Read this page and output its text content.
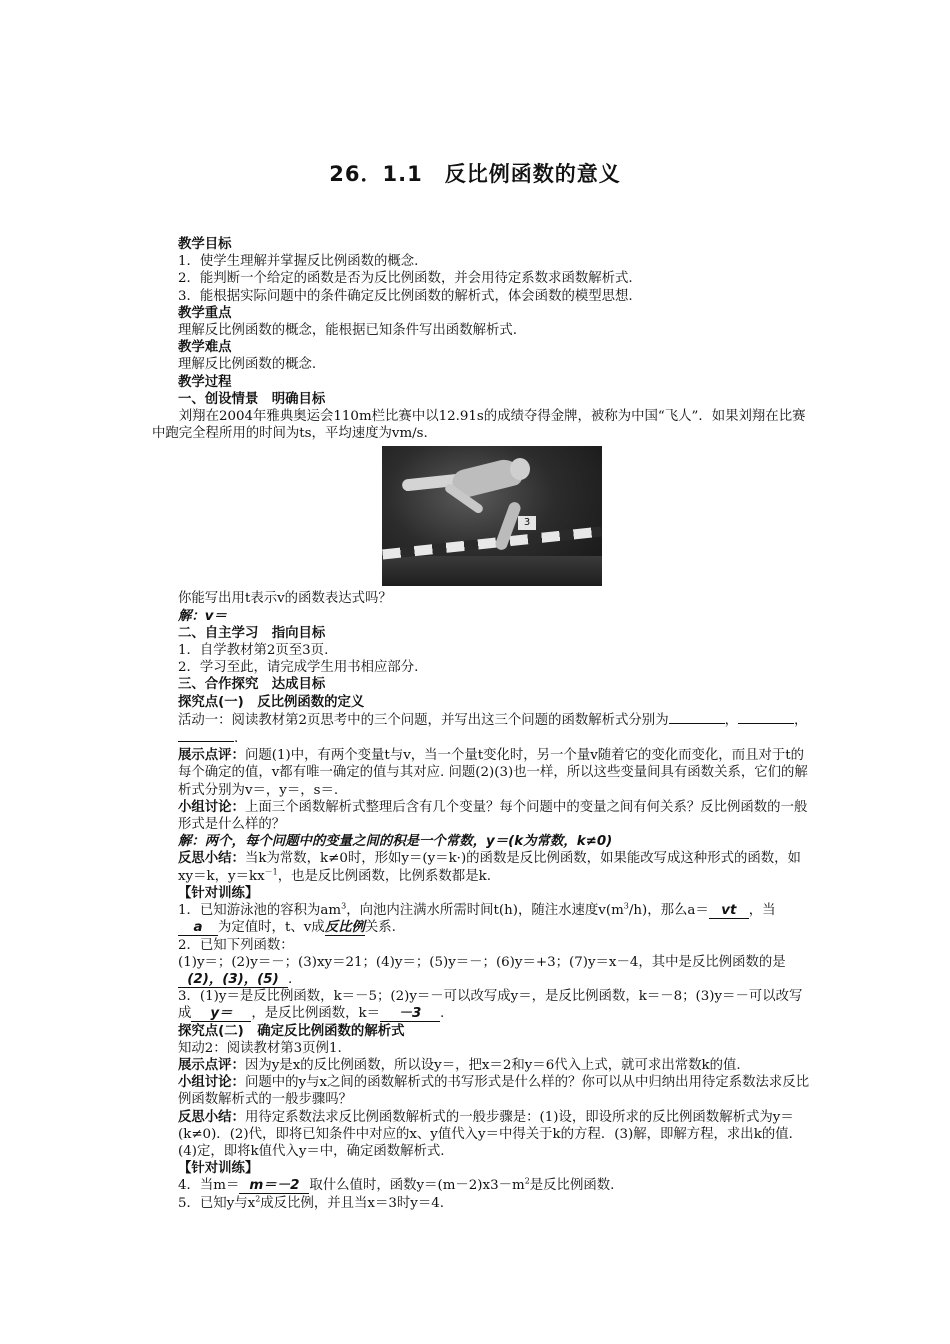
26．1.1　反比例函数的意义

教学目标

1．使学生理解并掌握反比例函数的概念.

2．能判断一个给定的函数是否为反比例函数，并会用待定系数求函数解析式.

3．能根据实际问题中的条件确定反比例函数的解析式，体会函数的模型思想.

教学重点

理解反比例函数的概念，能根据已知条件写出函数解析式.

教学难点

理解反比例函数的概念.

教学过程

一、创设情景　明确目标

刘翔在2004年雅典奥运会110m栏比赛中以12.91s的成绩夺得金牌，被称为中国“飞人”．如果刘翔在比赛中跑完全程所用的时间为ts，平均速度为vm/s.

3

你能写出用t表示v的函数表达式吗？

解：v＝

二、自主学习　指向目标

1．自学教材第2页至3页.

2．学习至此，请完成学生用书相应部分.

三、合作探究　达成目标

探究点(一)　反比例函数的定义

活动一：阅读教材第2页思考中的三个问题，并写出这三个问题的函数解析式分别为	，	，.

展示点评：问题(1)中，有两个变量t与v，当一个量t变化时，另一个量v随着它的变化而变化，而且对于t的每个确定的值，v都有唯一确定的值与其对应. 问题(2)(3)也一样，所以这些变量间具有函数关系，它们的解析式分别为v＝，y＝，s＝.

小组讨论：上面三个函数解析式整理后含有几个变量？每个问题中的变量之间有何关系？反比例函数的一般形式是什么样的？

解：两个，每个问题中的变量之间的积是一个常数，y＝(k为常数，k≠0)

反思小结：当k为常数，k≠0时，形如y＝(y＝k·)的函数是反比例函数，如果能改写成这种形式的函数，如xy＝k，$y=kx^{-1}$，也是反比例函数，比例系数都是k.

【针对训练】

1．已知游泳池的容积为$am^3$，向池内注满水所需时间t(h)，随注水速度$v(m^3/h)$，那么a＝ vt ，当a 为定值时，t、v成反比例关系.

2．已知下列函数：

(1)y＝；(2)y＝－；(3)xy＝21；(4)y＝；(5)y＝－；(6)y＝+3；(7)y＝x－4，其中是反比例函数的是(2)，(3)，(5) .

3．(1)y＝是反比例函数，k＝－5；(2)y＝－可以改写成y＝，是反比例函数，k＝－8；(3)y＝－可以改写成 y＝ ，是反比例函数，k＝ －3 .

探究点(二)　确定反比例函数的解析式

知动2：阅读教材第3页例1.

展示点评：因为y是x的反比例函数，所以设y＝，把x＝2和y＝6代入上式，就可求出常数k的值.

小组讨论：问题中的y与x之间的函数解析式的书写形式是什么样的？你可以从中归纳出用待定系数法求反比例函数解析式的一般步骤吗？

反思小结：用待定系数法求反比例函数解析式的一般步骤是：(1)设，即设所求的反比例函数解析式为y＝(k≠0)．(2)代，即将已知条件中对应的x、y值代入y＝中得关于k的方程．(3)解，即解方程，求出k的值．(4)定，即将k值代入y＝中，确定函数解析式.

【针对训练】

4．当m＝ m＝－2 取什么值时，函数$y=(m-2)x3-m^2$是反比例函数.

5．已知y与$x^2$成反比例，并且当x＝3时y＝4.
